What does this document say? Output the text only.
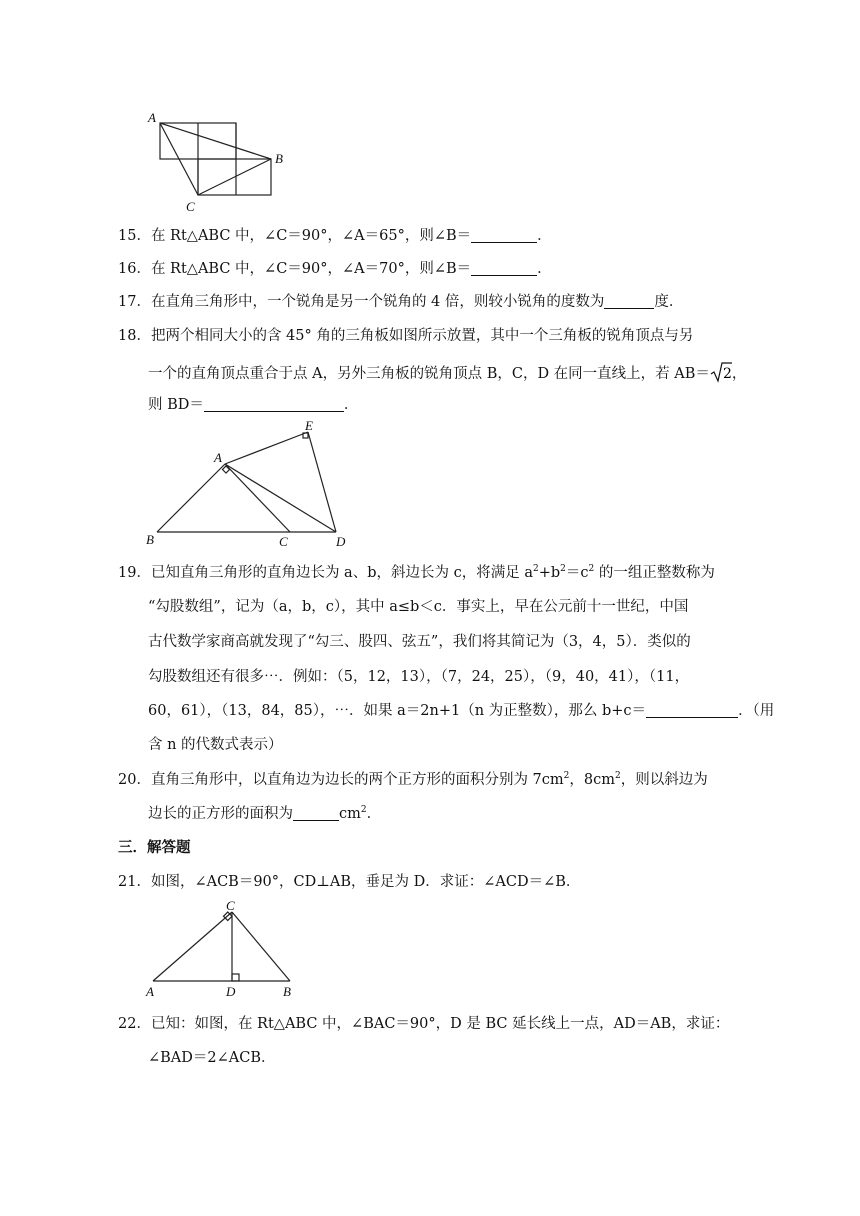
A
B
C
15．在 Rt△ABC 中，∠C＝90°，∠A＝65°，则∠B＝	．
16．在 Rt△ABC 中，∠C＝90°，∠A＝70°，则∠B＝	．
17．在直角三角形中，一个锐角是另一个锐角的 4 倍，则较小锐角的度数为	度．
18．把两个相同大小的含 45° 角的三角板如图所示放置，其中一个三角板的锐角顶点与另
一个的直角顶点重合于点 A，另外三角板的锐角顶点 B，C，D 在同一直线上，若 AB＝ 2 ，
则 BD＝	．
A
B	C	D
E
19．已知直角三角形的直角边长为 a、b，斜边长为 c，将满足 $a^2+b^2=c^2$ 的一组正整数称为
“勾股数组”，记为（a，b，c），其中 a≤b＜c．事实上，早在公元前十一世纪，中国
古代数学家商高就发现了“勾三、股四、弦五”，我们将其简记为（3，4，5）．类似的
勾股数组还有很多⋯．例如：（5，12，13），（7，24，25），（9，40，41），（11，
60，61），（13，84，85），⋯．如果 a＝2n+1（n 为正整数），那么 b+c＝	．（用
含 n 的代数式表示）
20．直角三角形中，以直角边为边长的两个正方形的面积分别为 $7cm^2$，$8cm^2$，则以斜边为
边长的正方形的面积为	$cm^2$．
三．解答题
21．如图，∠ACB＝90°，CD⊥AB，垂足为 D．求证：∠ACD＝∠B．
C
A	D	B
22．已知：如图，在 Rt△ABC 中，∠BAC＝90°，D 是 BC 延长线上一点，AD＝AB，求证：
∠BAD＝2∠ACB．
